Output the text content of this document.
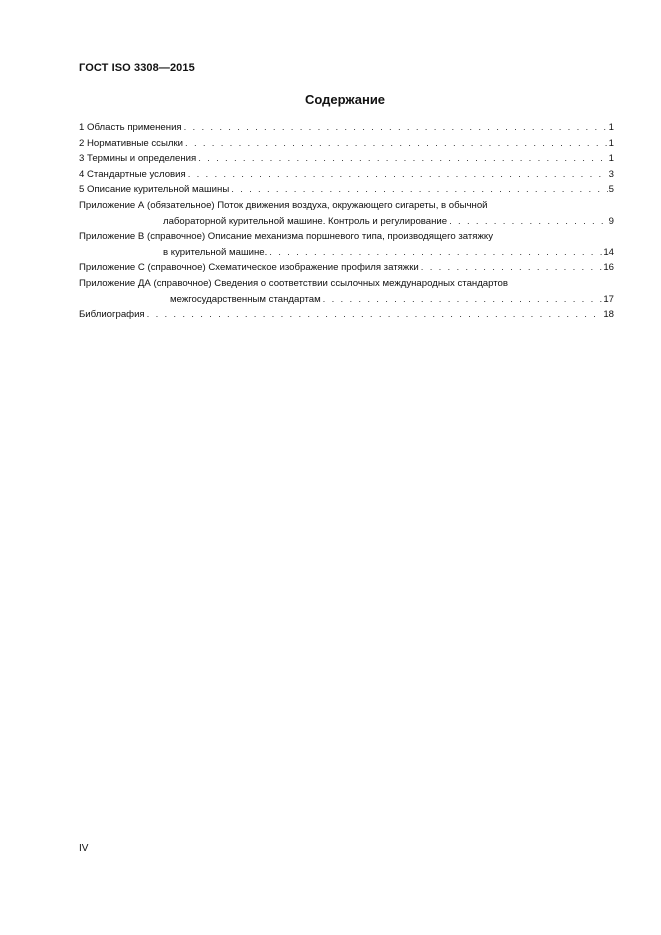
ГОСТ ISO 3308—2015
Содержание
1 Область применения . . .	1
2 Нормативные ссылки . . .	1
3 Термины и определения . . .	1
4 Стандартные условия . . .	3
5 Описание курительной машины . . .	5
Приложение А (обязательное) Поток движения воздуха, окружающего сигареты, в обычной
лабораторной курительной машине. Контроль и регулирование . . .	9
Приложение В (справочное) Описание механизма поршневого типа, производящего затяжку
в курительной машине. . . .	14
Приложение С (справочное) Схематическое изображение профиля затяжки . . .	16
Приложение ДА (справочное) Сведения о соответствии ссылочных международных стандартов
межгосударственным стандартам . . .	17
Библиография . . .	18
IV
